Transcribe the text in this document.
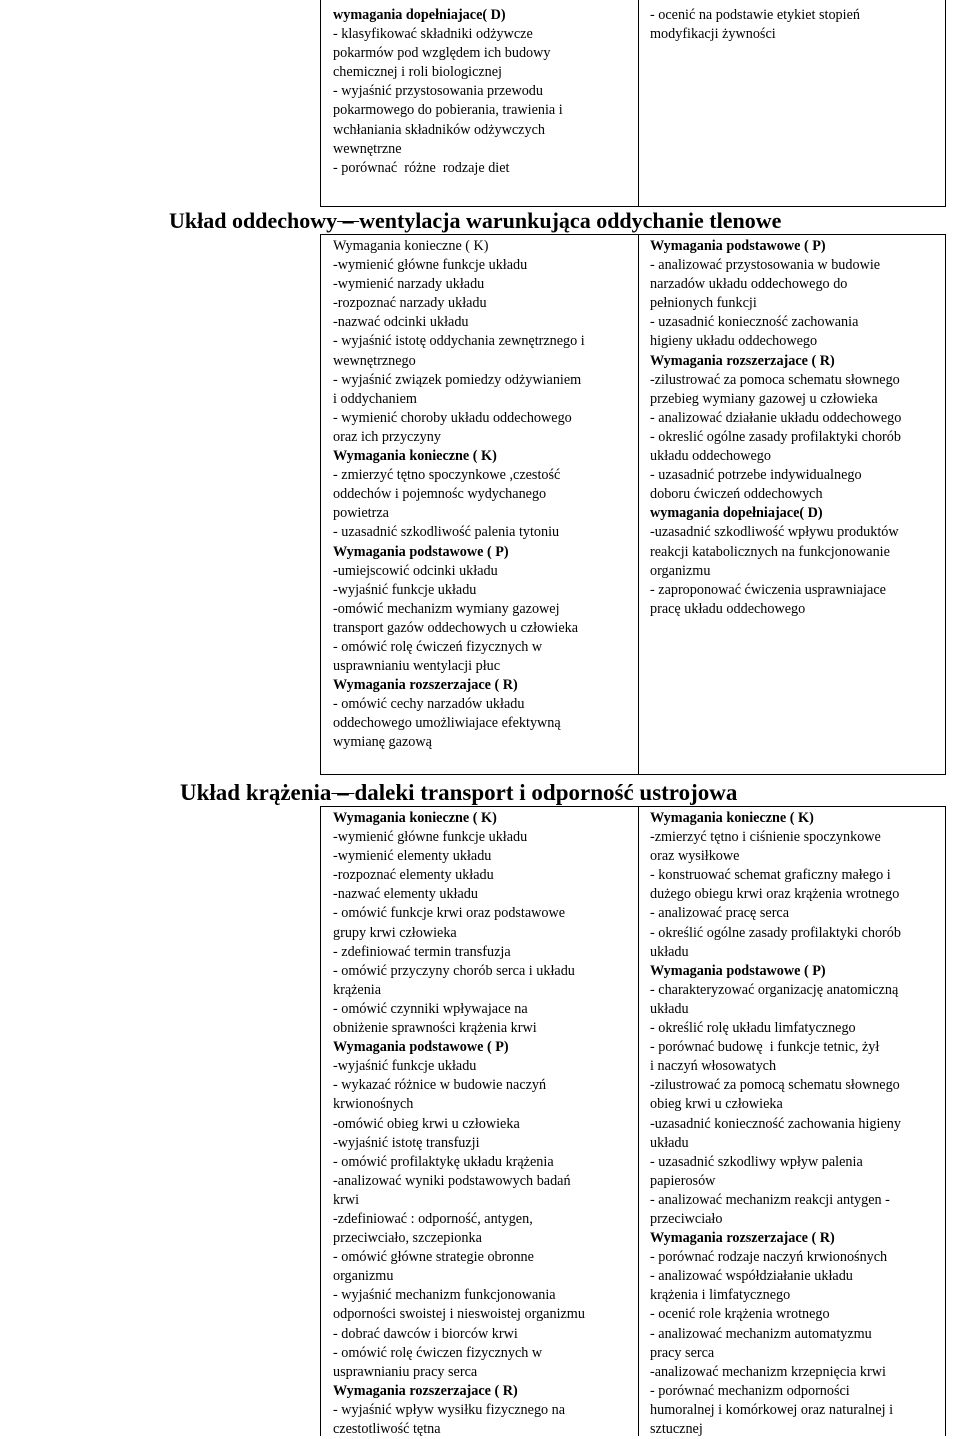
wymagania dopełniajace( D)
- klasyfikować składniki odżywcze
pokarmów pod względem ich budowy
chemicznej i roli biologicznej
- wyjaśnić przystosowania przewodu
pokarmowego do pobierania, trawienia i
wchłaniania składników odżywczych
wewnętrzne
- porównać  różne  rodzaje diet
- ocenić na podstawie etykiet stopień
modyfikacji żywności
Układ oddechowy – wentylacja warunkująca oddychanie tlenowe
Wymagania konieczne ( K)
-wymienić główne funkcje układu
-wymienić narzady układu
-rozpoznać narzady układu
-nazwać odcinki układu
- wyjaśnić istotę oddychania zewnętrznego i
wewnętrznego
- wyjaśnić związek pomiedzy odżywianiem
i oddychaniem
- wymienić choroby układu oddechowego
oraz ich przyczyny
Wymagania konieczne ( K)
- zmierzyć tętno spoczynkowe ,czestość
oddechów i pojemnośc wydychanego
powietrza
- uzasadnić szkodliwość palenia tytoniu
Wymagania podstawowe ( P)
-umiejscowić odcinki układu
-wyjaśnić funkcje układu
-omówić mechanizm wymiany gazowej
transport gazów oddechowych u człowieka
- omówić rolę ćwiczeń fizycznych w
usprawnianiu wentylacji płuc
Wymagania rozszerzajace ( R)
- omówić cechy narzadów układu
oddechowego umożliwiajace efektywną
wymianę gazową
Wymagania podstawowe ( P)
- analizować przystosowania w budowie
narzadów układu oddechowego do
pełnionych funkcji
- uzasadnić konieczność zachowania
higieny układu oddechowego
Wymagania rozszerzajace ( R)
-zilustrować za pomoca schematu słownego
przebieg wymiany gazowej u człowieka
- analizować działanie układu oddechowego
- okreslić ogólne zasady profilaktyki chorób
układu oddechowego
- uzasadnić potrzebe indywidualnego
doboru ćwiczeń oddechowych
wymagania dopełniajace( D)
-uzasadnić szkodliwość wpływu produktów
reakcji katabolicznych na funkcjonowanie
organizmu
- zaproponować ćwiczenia usprawniajace
pracę układu oddechowego
Układ krążenia – daleki transport i odporność ustrojowa
Wymagania konieczne ( K)
-wymienić główne funkcje układu
-wymienić elementy układu
-rozpoznać elementy układu
-nazwać elementy układu
- omówić funkcje krwi oraz podstawowe
grupy krwi człowieka
- zdefiniować termin transfuzja
- omówić przyczyny chorób serca i układu
krążenia
- omówić czynniki wpływajace na
obniżenie sprawności krążenia krwi
Wymagania podstawowe ( P)
-wyjaśnić funkcje układu
- wykazać różnice w budowie naczyń
krwionośnych
-omówić obieg krwi u człowieka
-wyjaśnić istotę transfuzji
- omówić profilaktykę układu krążenia
-analizować wyniki podstawowych badań
krwi
-zdefiniować : odporność, antygen,
przeciwciało, szczepionka
- omówić główne strategie obronne
organizmu
- wyjaśnić mechanizm funkcjonowania
odporności swoistej i nieswoistej organizmu
- dobrać dawców i biorców krwi
- omówić rolę ćwiczen fizycznych w
usprawnianiu pracy serca
Wymagania rozszerzajace ( R)
- wyjaśnić wpływ wysiłku fizycznego na
czestotliwość tętna
Wymagania konieczne ( K)
-zmierzyć tętno i ciśnienie spoczynkowe
oraz wysiłkowe
- konstruować schemat graficzny małego i
dużego obiegu krwi oraz krążenia wrotnego
- analizować pracę serca
- określić ogólne zasady profilaktyki chorób
układu
Wymagania podstawowe ( P)
- charakteryzować organizację anatomiczną
układu
- określić rolę układu limfatycznego
- porównać budowę  i funkcje tetnic, żył
i naczyń włosowatych
-zilustrować za pomocą schematu słownego
obieg krwi u człowieka
-uzasadnić konieczność zachowania higieny
układu
- uzasadnić szkodliwy wpływ palenia
papierosów
- analizować mechanizm reakcji antygen -
przeciwciało
Wymagania rozszerzajace ( R)
- porównać rodzaje naczyń krwionośnych
- analizować współdziałanie układu
krążenia i limfatycznego
- ocenić role krążenia wrotnego
- analizować mechanizm automatyzmu
pracy serca
-analizować mechanizm krzepnięcia krwi
- porównać mechanizm odporności
humoralnej i komórkowej oraz naturalnej i
sztucznej
